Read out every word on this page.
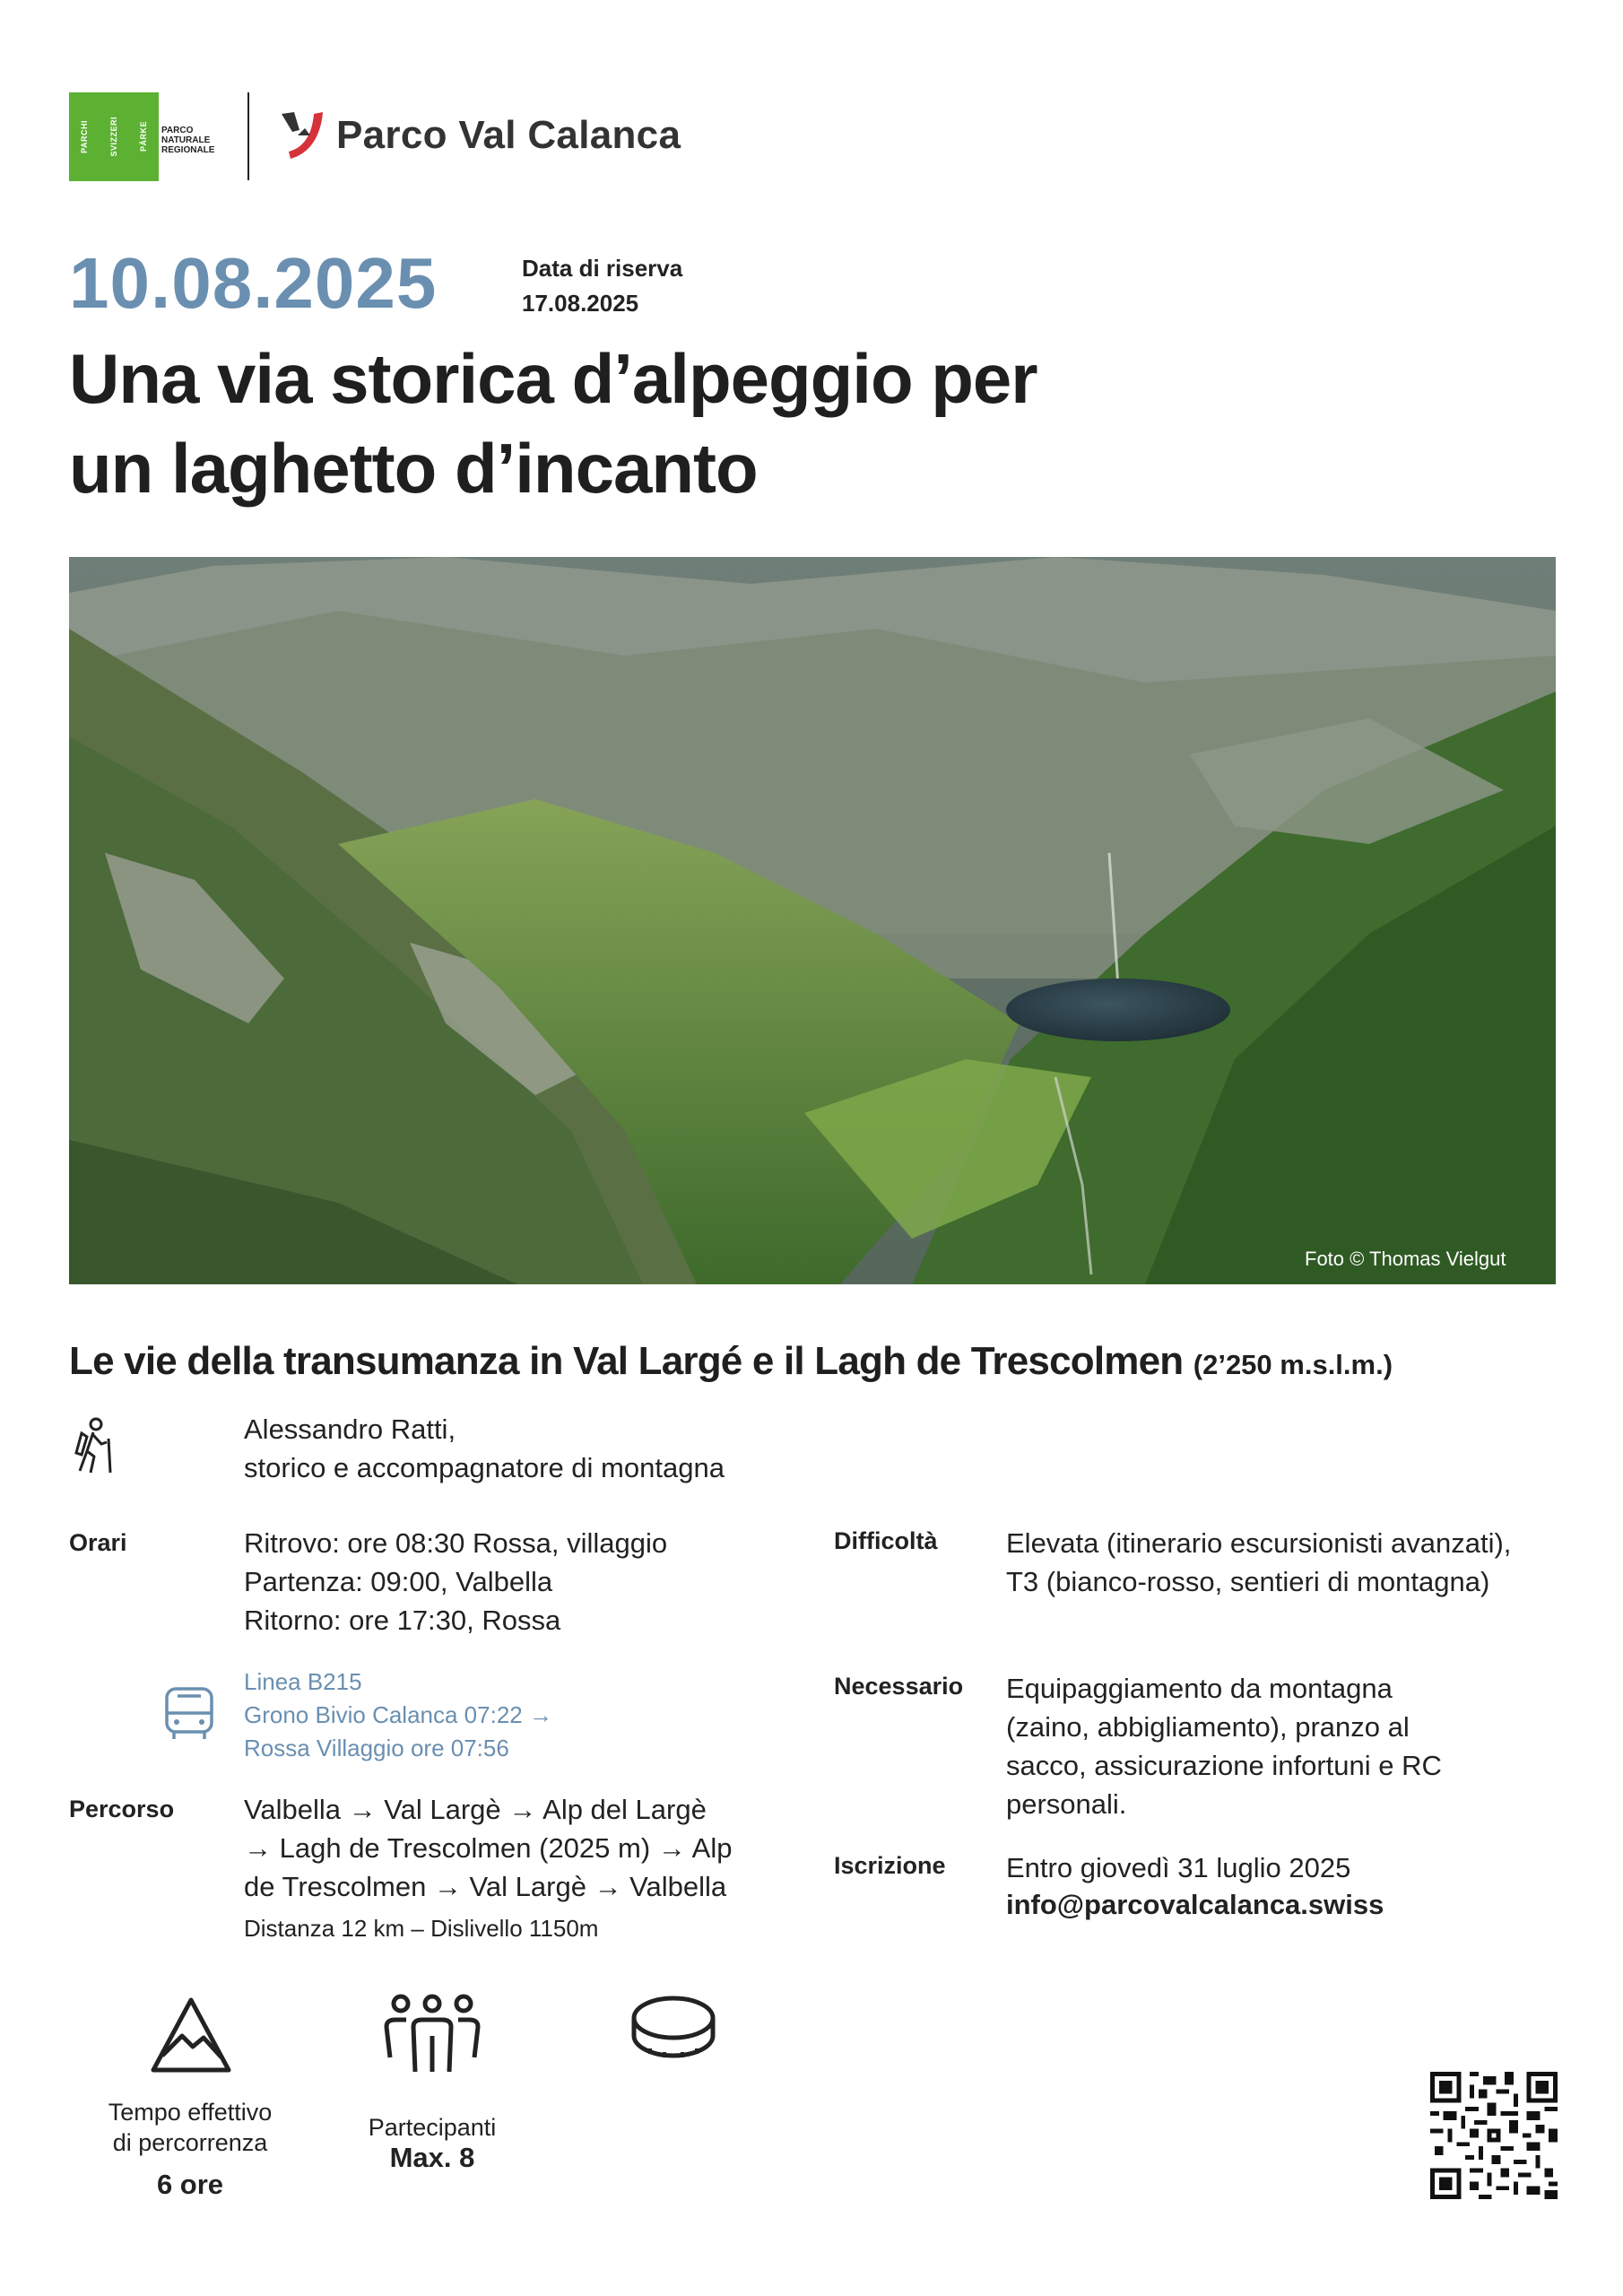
PARCHI	SVIZZERI	PÄRKE PARCO NATURALE REGIONALE	Parco Val Calanca
10.08.2025	Data di riserva
17.08.2025
Una via storica d’alpeggio per
un laghetto d’incanto
Foto © Thomas Vielgut
Le vie della transumanza in Val Largé e il Lagh de Trescolmen (2’250 m.s.l.m.)
Alessandro Ratti,
storico e accompagnatore di montagna
Orari	Ritrovo: ore 08:30 Rossa, villaggio
Partenza: 09:00, Valbella
Ritorno: ore 17:30, Rossa
Linea B215
Grono Bivio Calanca 07:22 →
Rossa Villaggio ore 07:56
Percorso	Valbella → Val Largè → Alp del Largè
→ Lagh de Trescolmen (2025 m) → Alp
de Trescolmen → Val Largè → Valbella
Distanza 12 km – Dislivello 1150m
Difficoltà Elevata (itinerario escursionisti avanzati),
T3 (bianco-rosso, sentieri di montagna)
Necessario Equipaggiamento da montagna
(zaino, abbigliamento), pranzo al
sacco, assicurazione infortuni e RC
personali.
Iscrizione Entro giovedì 31 luglio 2025
info@parcovalcalanca.swiss
Tempo effettivo
di percorrenza
6 ore
Partecipanti
Max. 8
